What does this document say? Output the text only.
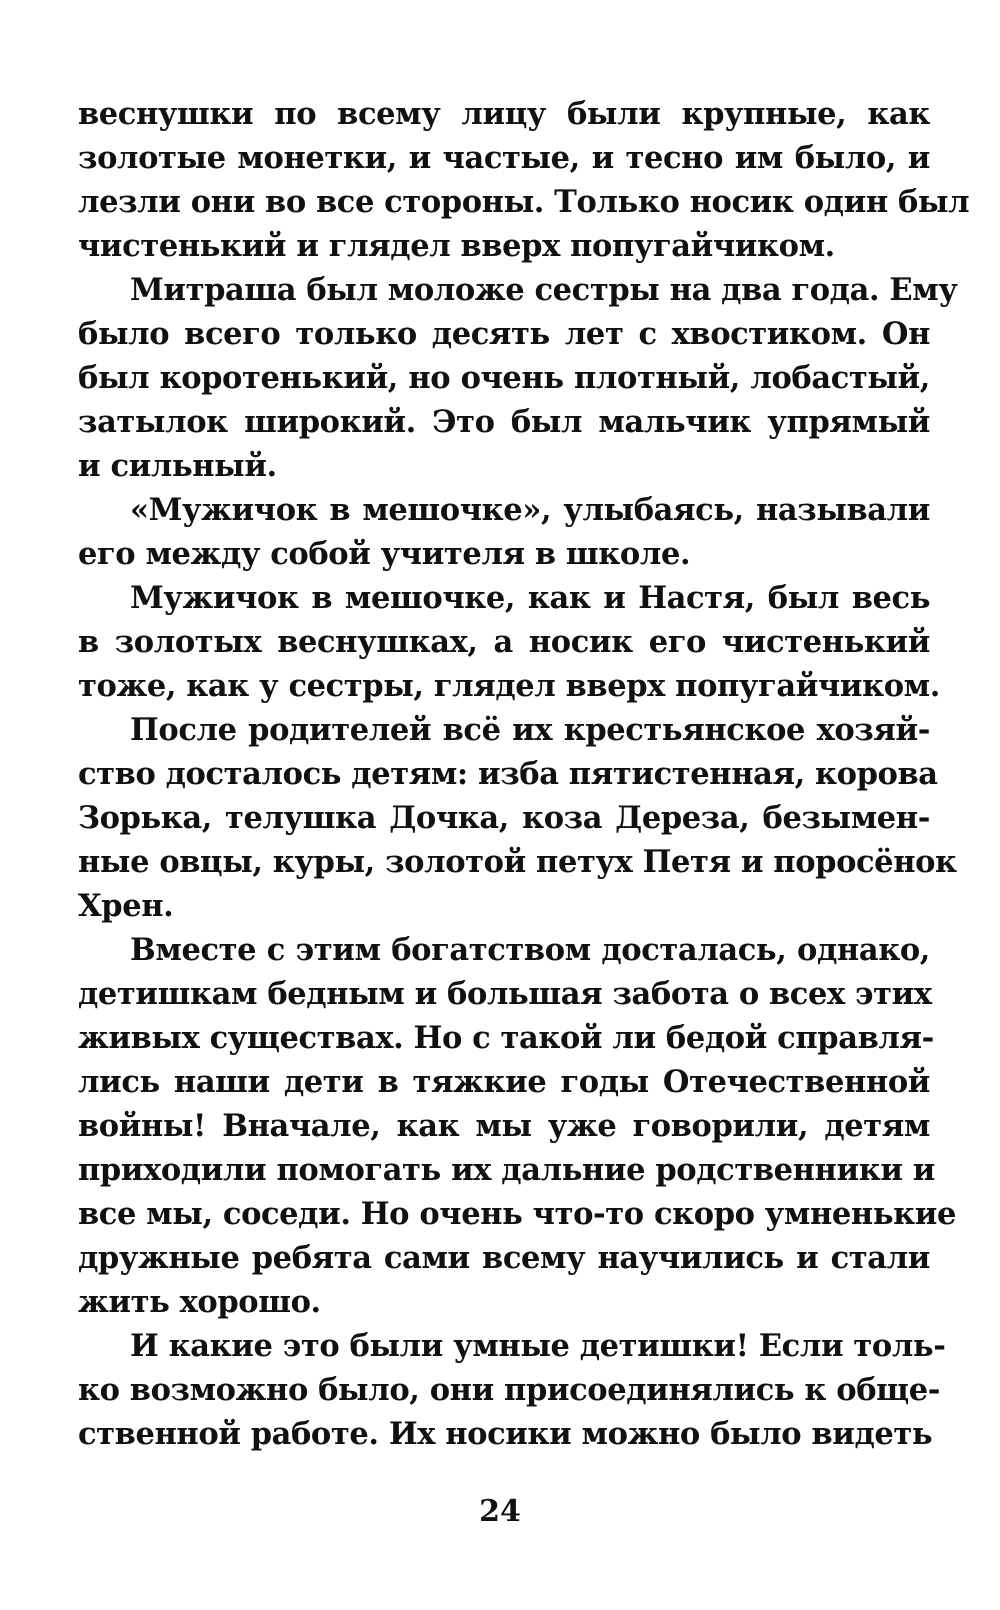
веснушки по всему лицу были крупные, как
золотые монетки, и частые, и тесно им было, и
лезли они во все стороны. Только носик один был
чистенький и глядел вверх попугайчиком.
Митраша был моложе сестры на два года. Ему
было всего только десять лет с хвостиком. Он
был коротенький, но очень плотный, лобастый,
затылок широкий. Это был мальчик упрямый
и сильный.
«Мужичок в мешочке», улыбаясь, называли
его между собой учителя в школе.
Мужичок в мешочке, как и Настя, был весь
в золотых веснушках, а носик его чистенький
тоже, как у сестры, глядел вверх попугайчиком.
После родителей всё их крестьянское хозяй-
ство досталось детям: изба пятистенная, корова
Зорька, телушка Дочка, коза Дереза, безымен-
ные овцы, куры, золотой петух Петя и поросёнок
Хрен.
Вместе с этим богатством досталась, однако,
детишкам бедным и большая забота о всех этих
живых существах. Но с такой ли бедой справля-
лись наши дети в тяжкие годы Отечественной
войны! Вначале, как мы уже говорили, детям
приходили помогать их дальние родственники и
все мы, соседи. Но очень что-то скоро умненькие
дружные ребята сами всему научились и стали
жить хорошо.
И какие это были умные детишки! Если толь-
ко возможно было, они присоединялись к обще-
ственной работе. Их носики можно было видеть
24
